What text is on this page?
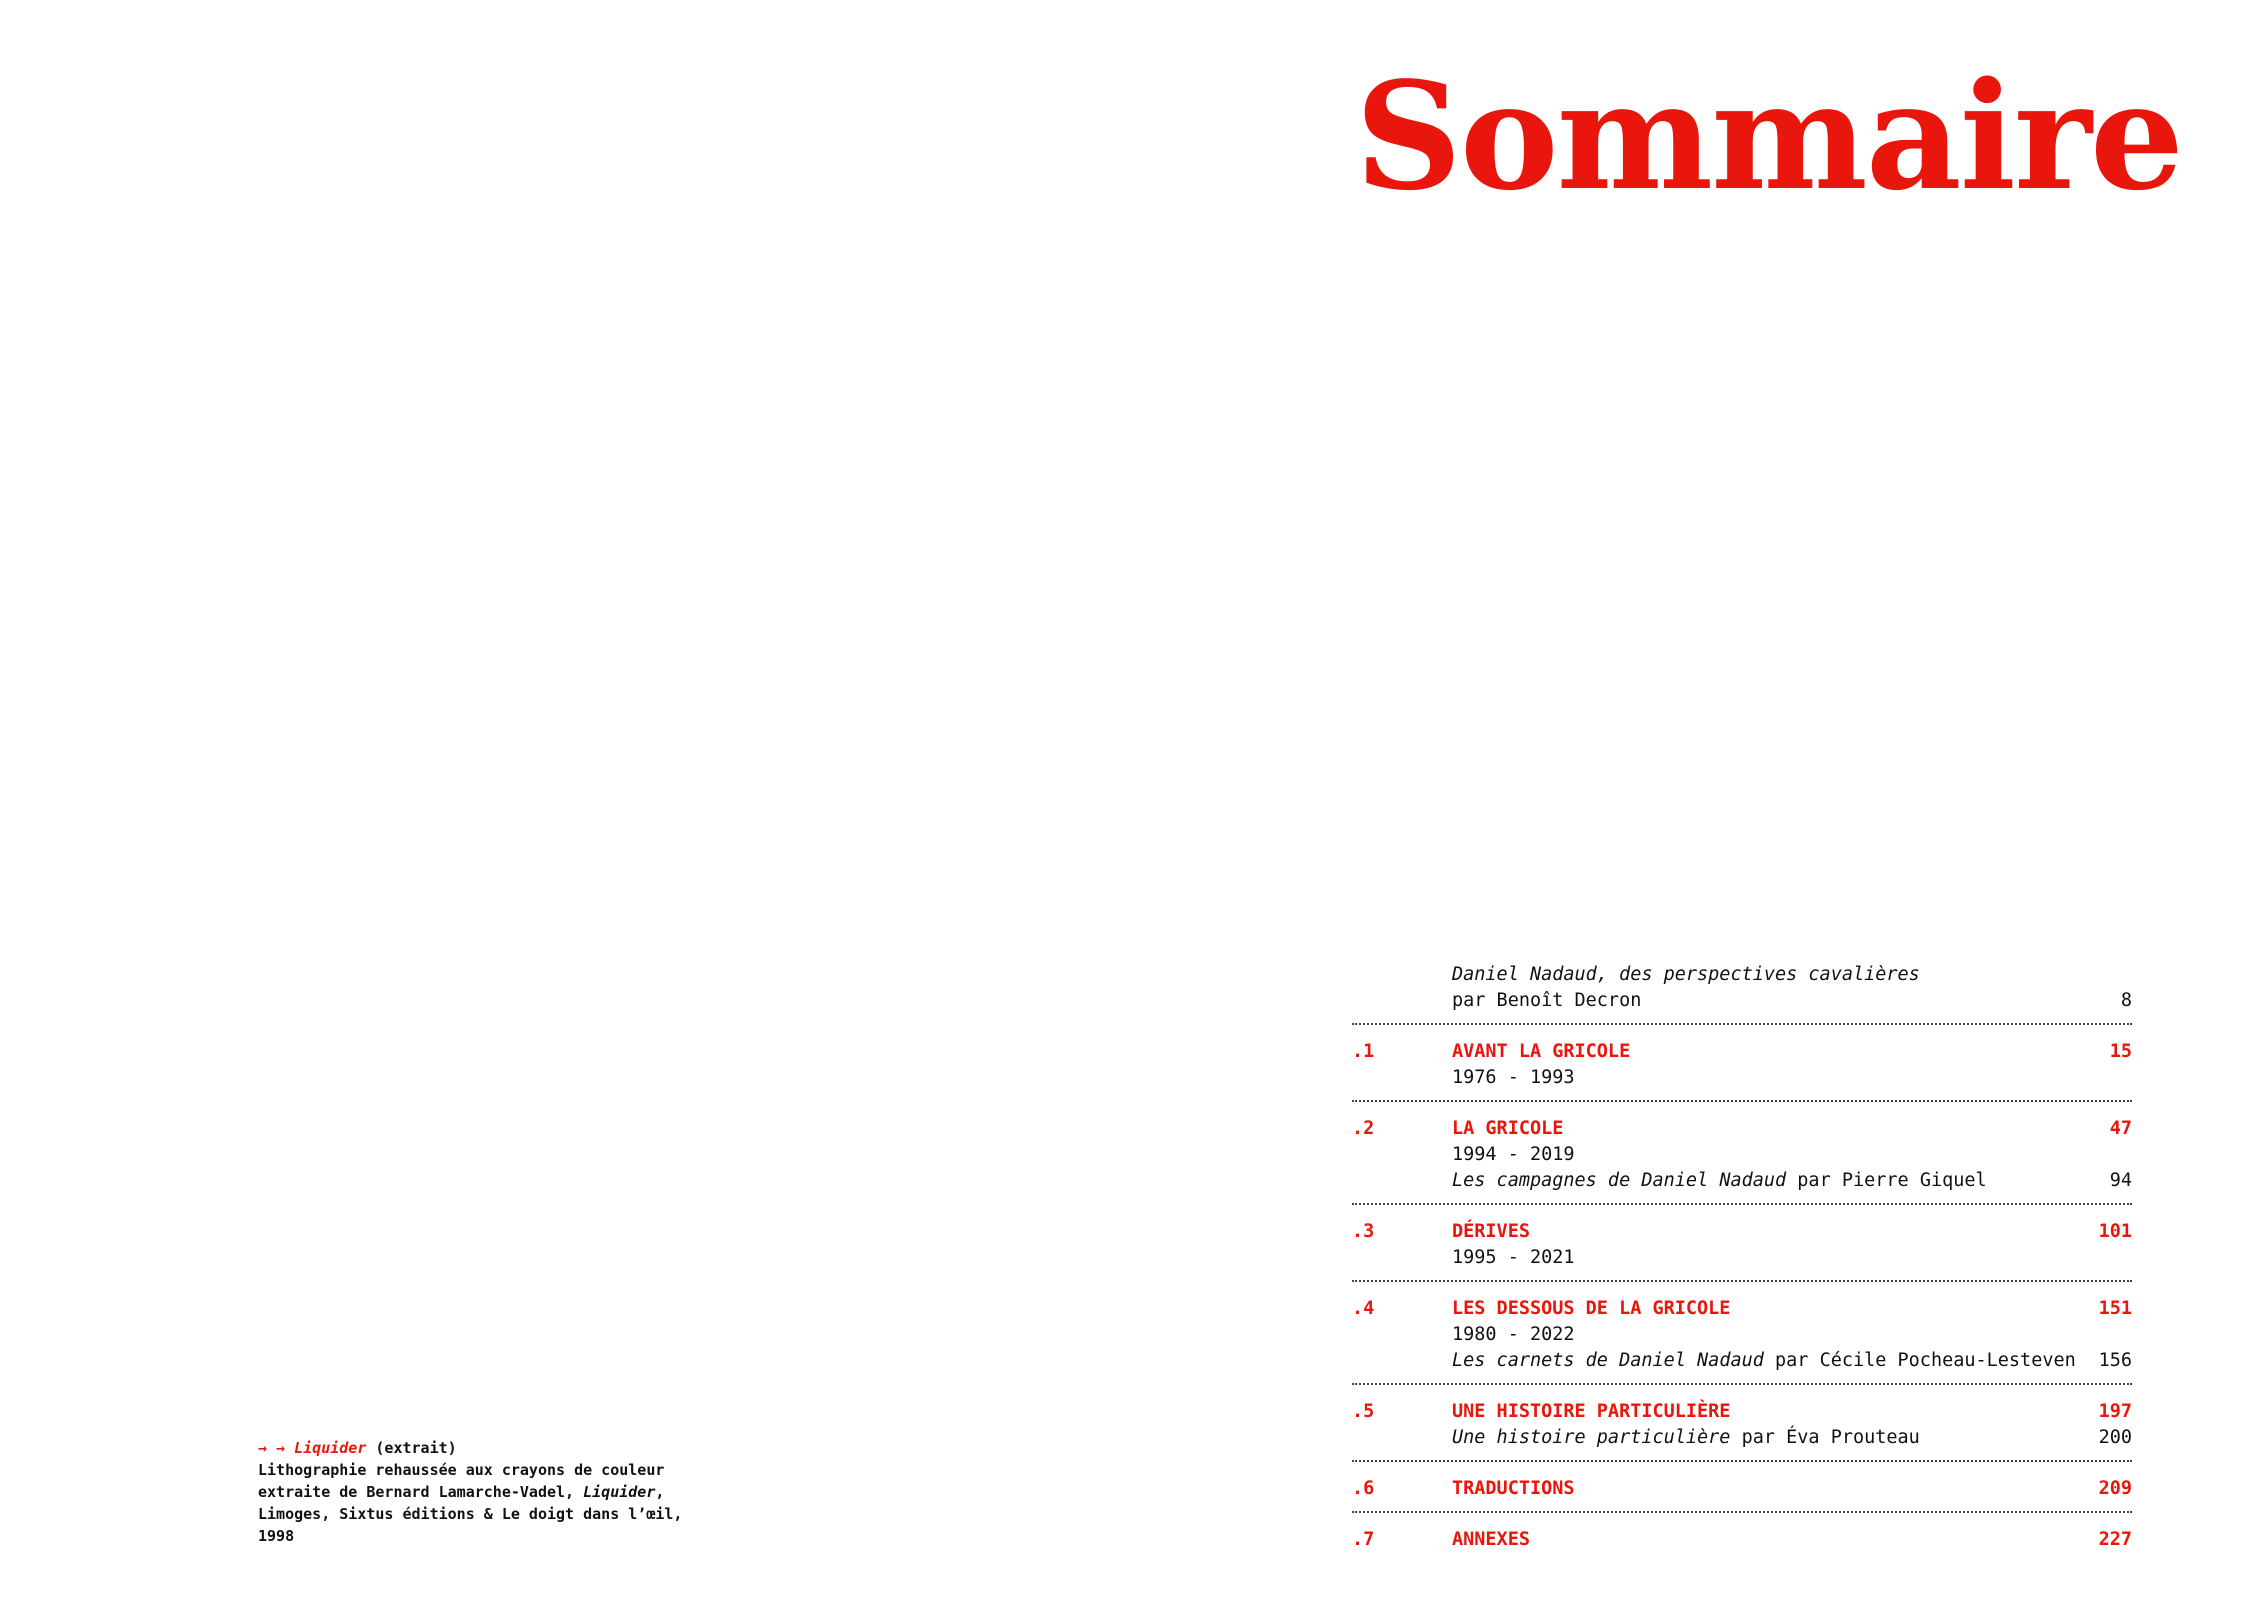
Sommaire
→ → Liquider (extrait)
Lithographie rehaussée aux crayons de couleur
extraite de Bernard Lamarche-Vadel, Liquider,
Limoges, Sixtus éditions & Le doigt dans l’œil,
1998
Daniel Nadaud, des perspectives cavalières
par Benoît Decron	8
.1	AVANT LA GRICOLE	15
1976 - 1993
.2	LA GRICOLE	47
1994 - 2019
Les campagnes de Daniel Nadaud par Pierre Giquel	94
.3	DÉRIVES	101
1995 - 2021
.4	LES DESSOUS DE LA GRICOLE	151
1980 - 2022
Les carnets de Daniel Nadaud par Cécile Pocheau-Lesteven 156
.5	UNE HISTOIRE PARTICULIÈRE	197
Une histoire particulière par Éva Prouteau	200
.6	TRADUCTIONS	209
.7	ANNEXES	227
